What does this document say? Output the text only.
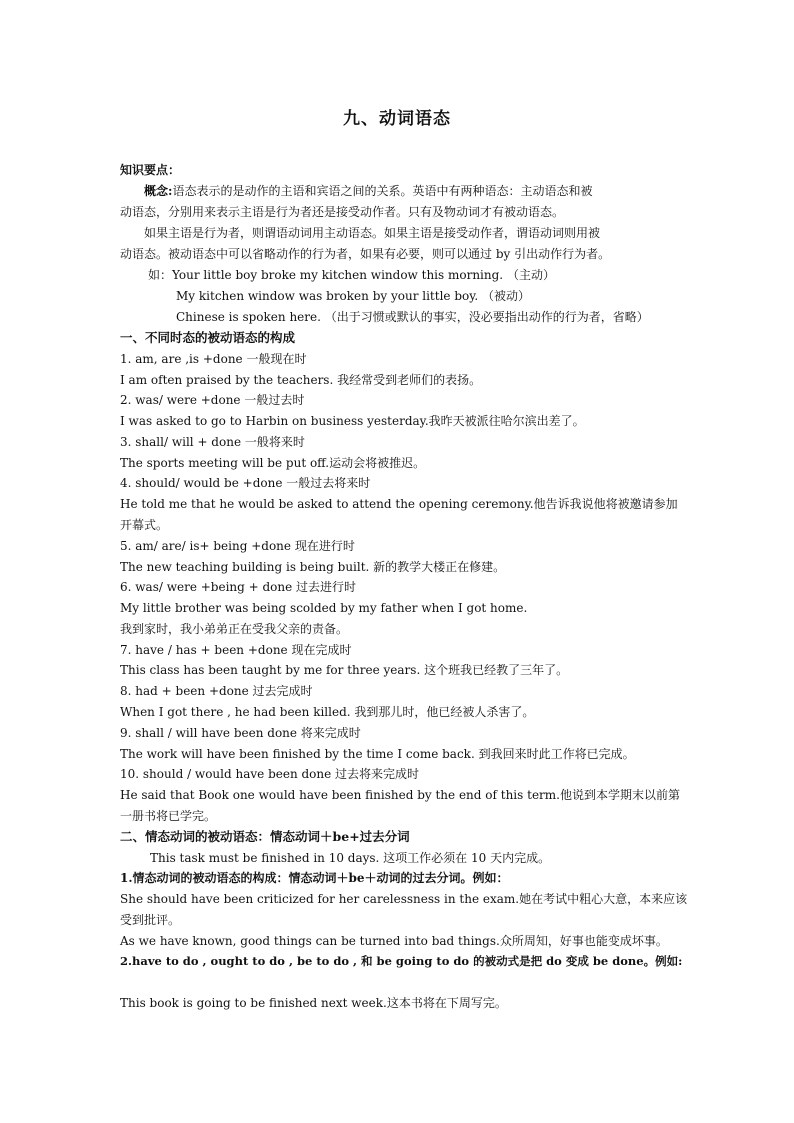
九、动词语态
知识要点：
概念:语态表示的是动作的主语和宾语之间的关系。英语中有两种语态：主动语态和被
动语态，分别用来表示主语是行为者还是接受动作者。只有及物动词才有被动语态。
如果主语是行为者，则谓语动词用主动语态。如果主语是接受动作者，谓语动词则用被
动语态。被动语态中可以省略动作的行为者，如果有必要，则可以通过 by 引出动作行为者。
如：Your little boy broke my kitchen window this morning. （主动）
My kitchen window was broken by your little boy. （被动）
Chinese is spoken here. （出于习惯或默认的事实，没必要指出动作的行为者，省略）
一、不同时态的被动语态的构成
1. am, are ,is +done 一般现在时
I am often praised by the teachers. 我经常受到老师们的表扬。
2. was/ were +done 一般过去时
I was asked to go to Harbin on business yesterday.我昨天被派往哈尔滨出差了。
3. shall/ will + done 一般将来时
The sports meeting will be put off.运动会将被推迟。
4. should/ would be +done 一般过去将来时
He told me that he would be asked to attend the opening ceremony.他告诉我说他将被邀请参加
开幕式。
5. am/ are/ is+ being +done 现在进行时
The new teaching building is being built. 新的教学大楼正在修建。
6. was/ were +being + done 过去进行时
My little brother was being scolded by my father when I got home.
我到家时，我小弟弟正在受我父亲的责备。
7. have / has + been +done 现在完成时
This class has been taught by me for three years. 这个班我已经教了三年了。
8. had + been +done 过去完成时
When I got there , he had been killed. 我到那儿时，他已经被人杀害了。
9. shall / will have been done 将来完成时
The work will have been finished by the time I come back. 到我回来时此工作将已完成。
10. should / would have been done 过去将来完成时
He said that Book one would have been finished by the end of this term.他说到本学期末以前第
一册书将已学完。
二、情态动词的被动语态：情态动词＋be+过去分词
This task must be finished in 10 days. 这项工作必须在 10 天内完成。
1.情态动词的被动语态的构成：情态动词＋be＋动词的过去分词。例如：
She should have been criticized for her carelessness in the exam.她在考试中粗心大意，本来应该
受到批评。
As we have known, good things can be turned into bad things.众所周知，好事也能变成坏事。
2.have to do , ought to do , be to do , 和 be going to do 的被动式是把 do 变成 be done。例如:
This book is going to be finished next week.这本书将在下周写完。
